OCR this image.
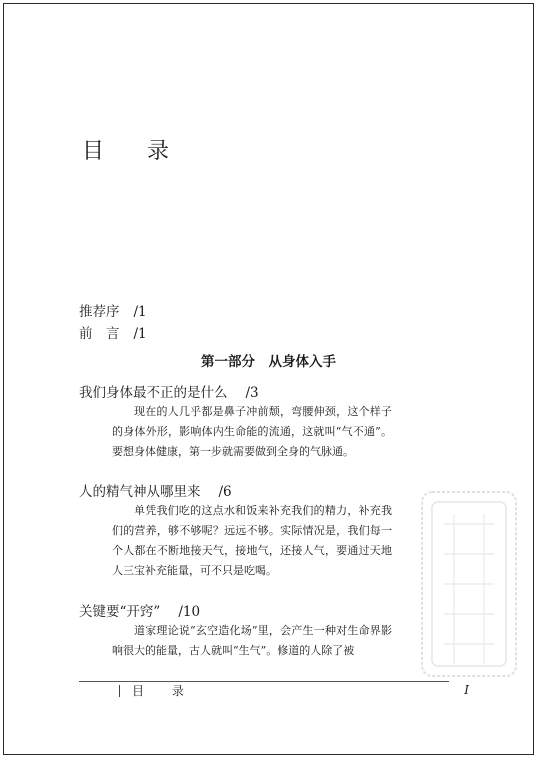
目 录
推荐序 /1
前　言 /1
第一部分　从身体入手
我们身体最不正的是什么 /3
现在的人几乎都是鼻子冲前颓，弯腰伸颈，这个样子的身体外形，影响体内生命能的流通，这就叫“气不通”。要想身体健康，第一步就需要做到全身的气脉通。
人的精气神从哪里来 /6
单凭我们吃的这点水和饭来补充我们的精力，补充我们的营养，够不够呢？远远不够。实际情况是，我们每一个人都在不断地接天气，接地气，还接人气，要通过天地人三宝补充能量，可不只是吃喝。
关键要“开窍” /10
道家理论说“玄空造化场”里，会产生一种对生命界影响很大的能量，古人就叫“生气”。修道的人除了被
目 录	I
